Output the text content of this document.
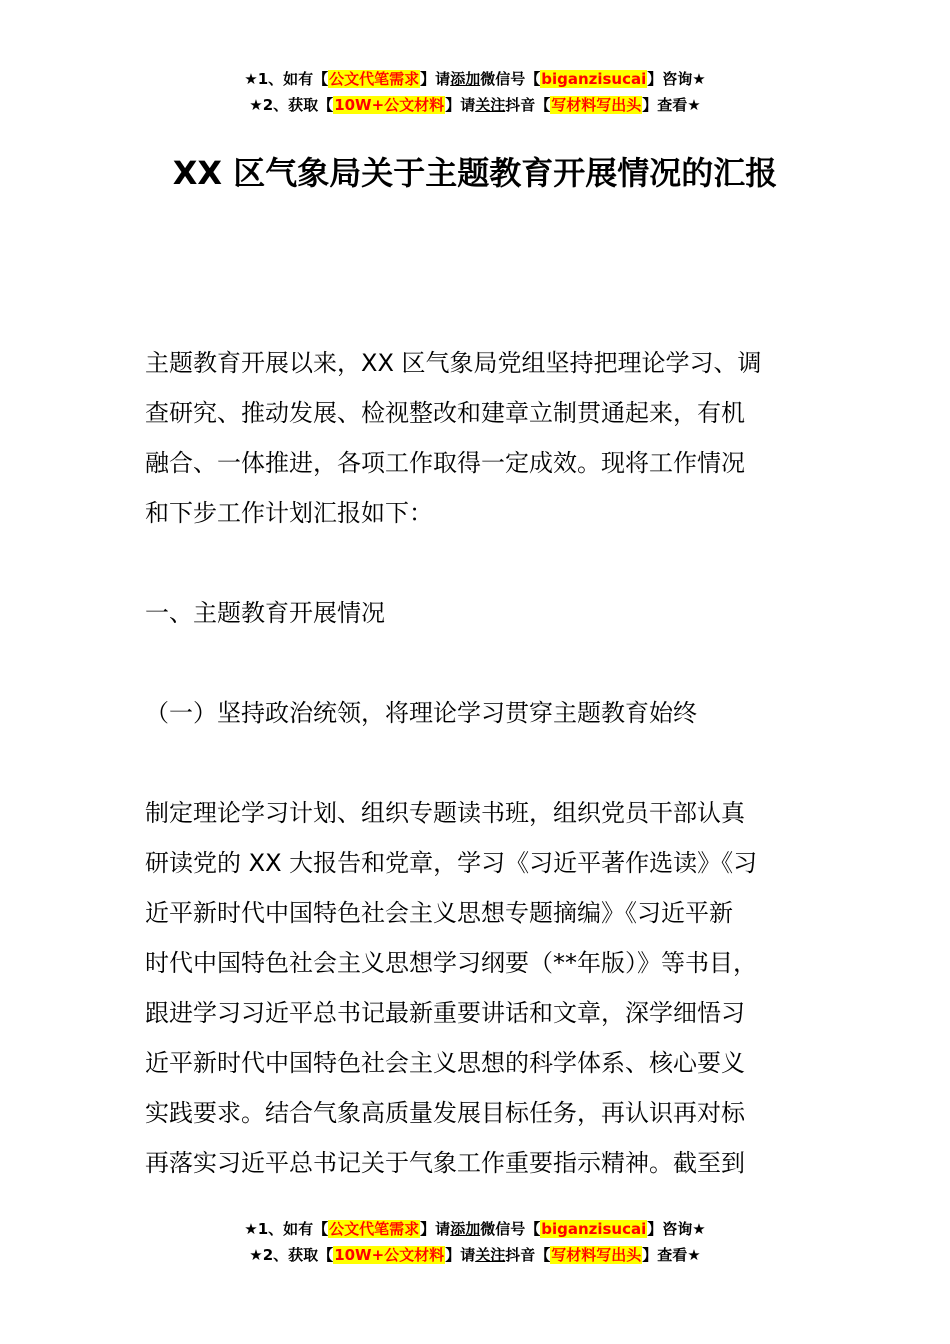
★1、如有【公文代笔需求】请添加微信号【biganzisucai】咨询★
★2、获取【10W+公文材料】请关注抖音【写材料写出头】查看★
XX 区气象局关于主题教育开展情况的汇报

主题教育开展以来，XX 区气象局党组坚持把理论学习、调
查研究、推动发展、检视整改和建章立制贯通起来，有机
融合、一体推进，各项工作取得一定成效。现将工作情况
和下步工作计划汇报如下：

一、主题教育开展情况

（一）坚持政治统领，将理论学习贯穿主题教育始终

制定理论学习计划、组织专题读书班，组织党员干部认真
研读党的 XX 大报告和党章，学习《习近平著作选读》《习
近平新时代中国特色社会主义思想专题摘编》《习近平新
时代中国特色社会主义思想学习纲要（**年版）》等书目，
跟进学习习近平总书记最新重要讲话和文章，深学细悟习
近平新时代中国特色社会主义思想的科学体系、核心要义
实践要求。结合气象高质量发展目标任务，再认识再对标
再落实习近平总书记关于气象工作重要指示精神。截至到

★1、如有【公文代笔需求】请添加微信号【biganzisucai】咨询★
★2、获取【10W+公文材料】请关注抖音【写材料写出头】查看★
